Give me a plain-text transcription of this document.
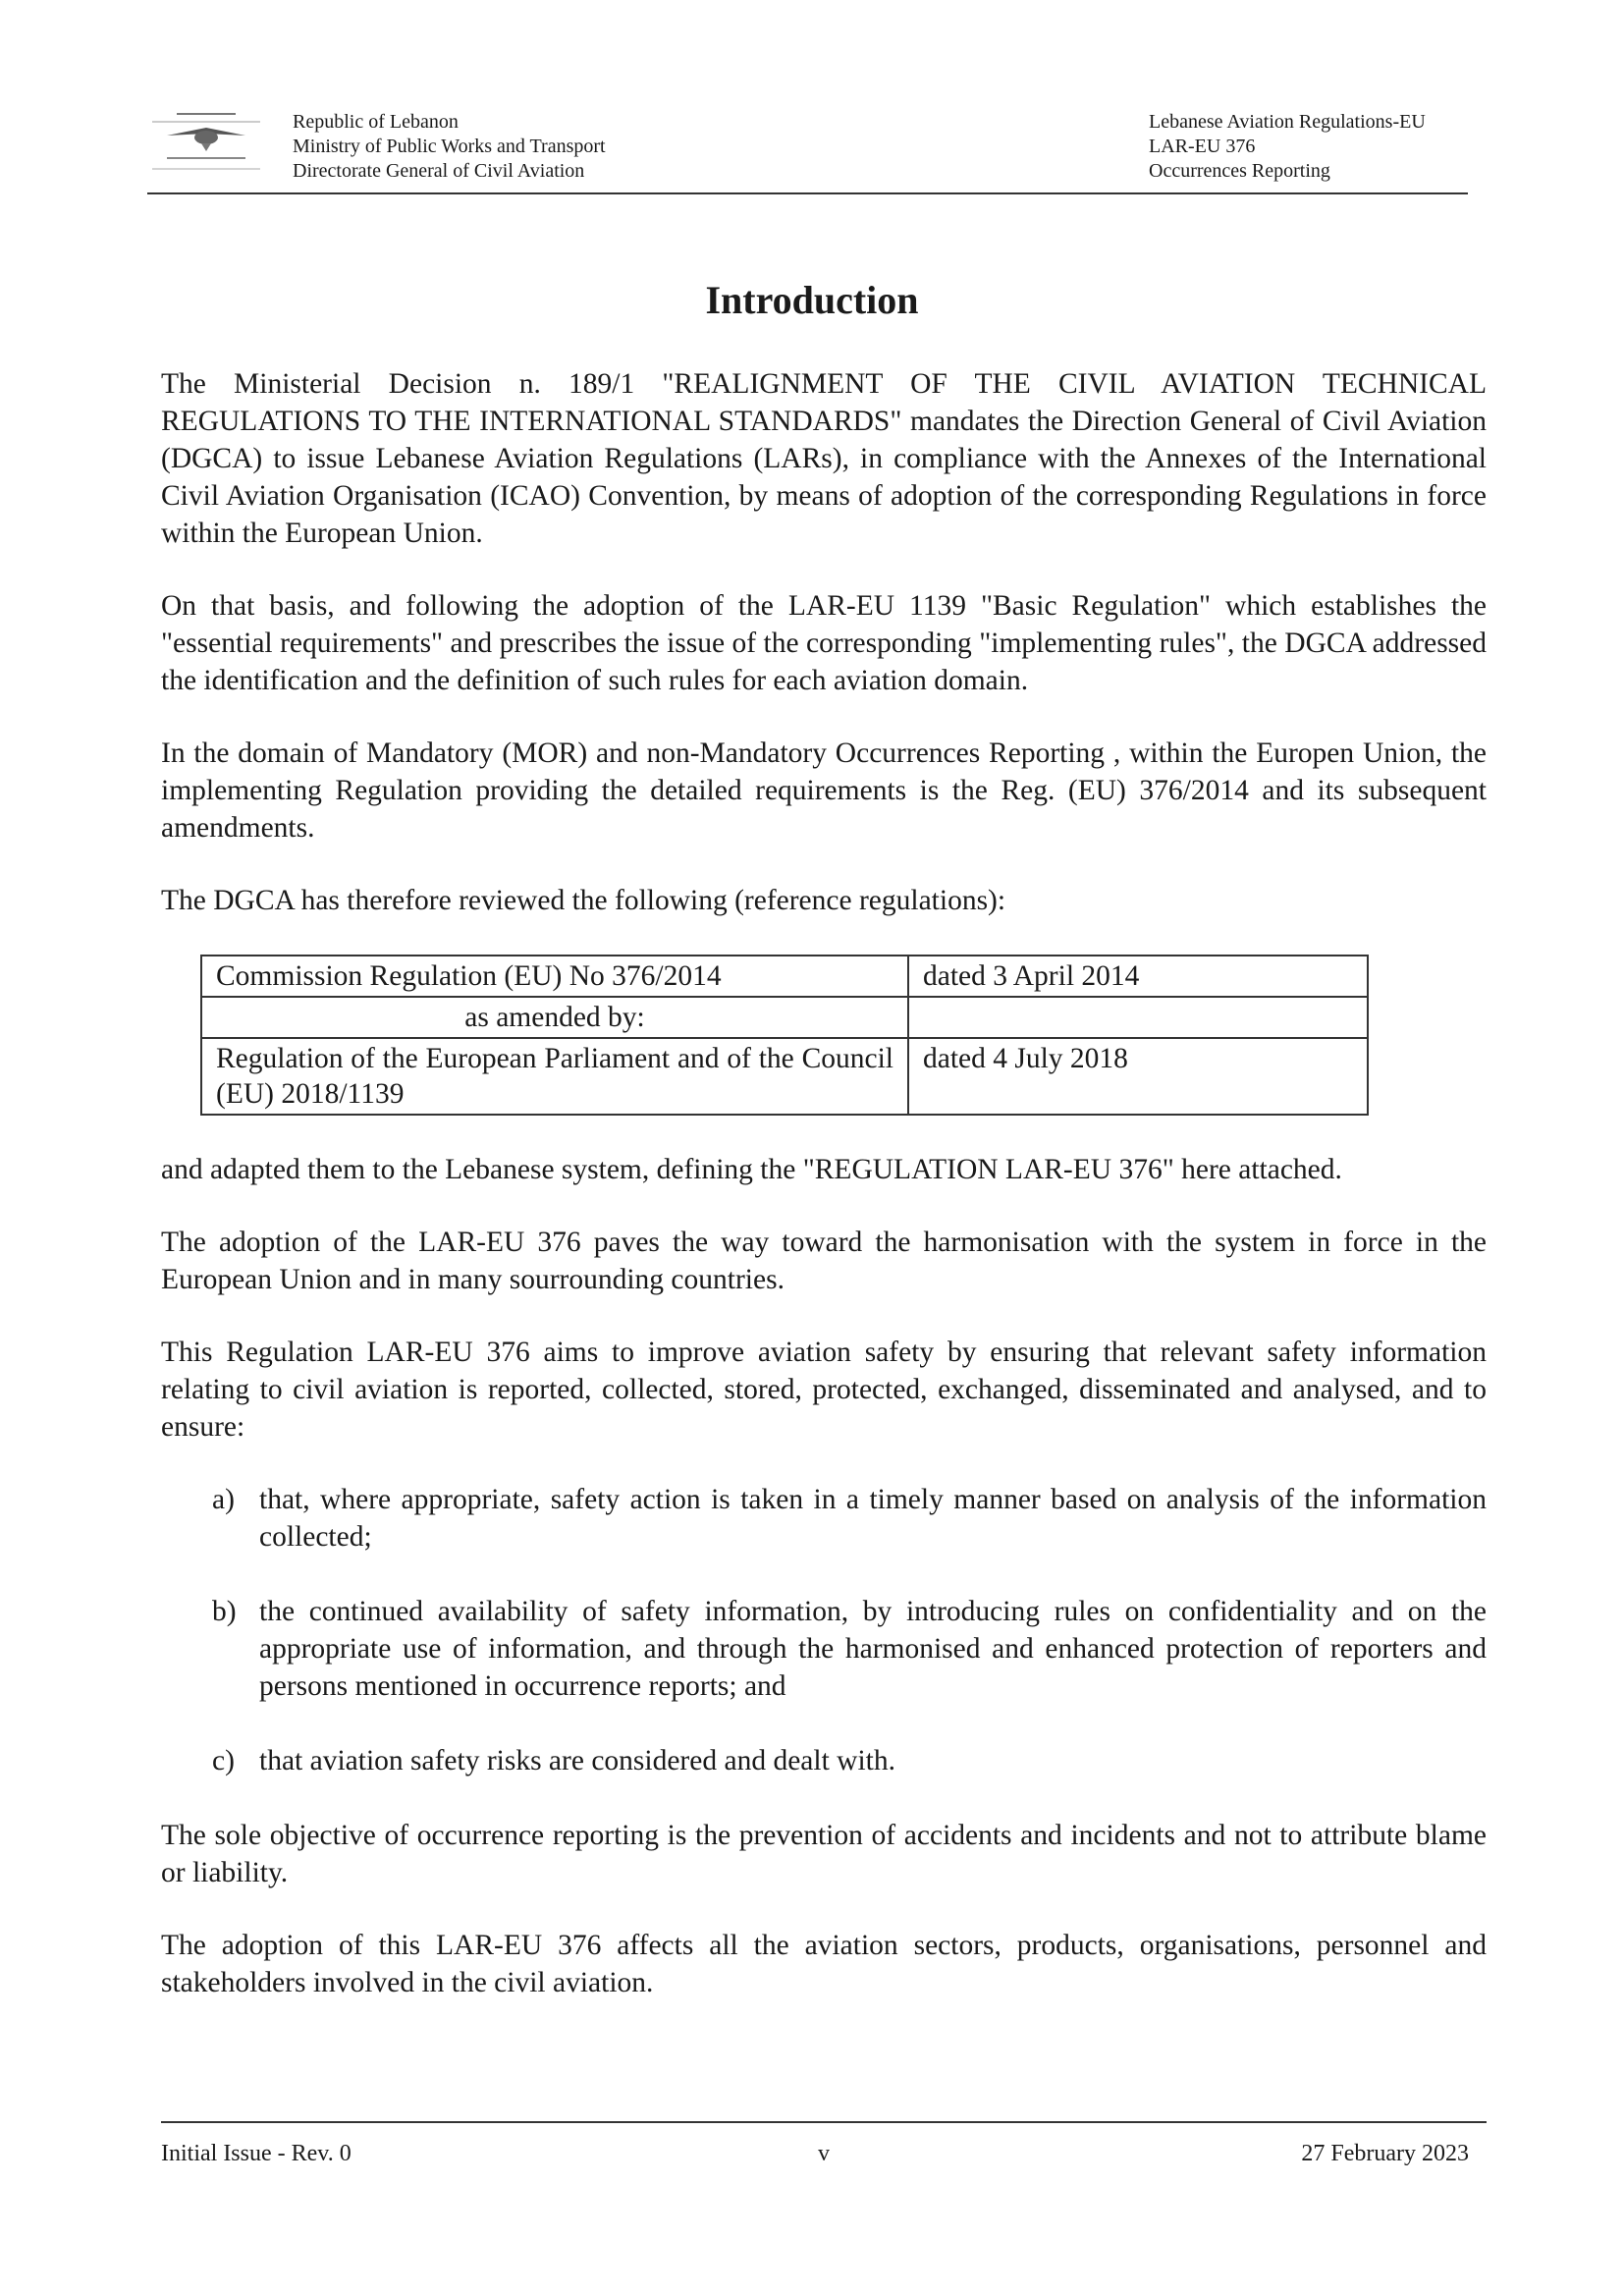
Republic of Lebanon
Ministry of Public Works and Transport
Directorate General of Civil Aviation
Lebanese Aviation Regulations-EU
LAR-EU 376
Occurrences Reporting
Introduction

The Ministerial Decision n. 189/1 "REALIGNMENT OF THE CIVIL AVIATION TECHNICAL REGULATIONS TO THE INTERNATIONAL STANDARDS" mandates the Direction General of Civil Aviation (DGCA) to issue Lebanese Aviation Regulations (LARs), in compliance with the Annexes of the International Civil Aviation Organisation (ICAO) Convention, by means of adoption of the corresponding Regulations in force within the European Union.

On that basis, and following the adoption of the LAR-EU 1139 "Basic Regulation" which establishes the "essential requirements" and prescribes the issue of the corresponding "implementing rules", the DGCA addressed the identification and the definition of such rules for each aviation domain.

In the domain of Mandatory (MOR) and non-Mandatory Occurrences Reporting , within the Europen Union, the implementing Regulation providing the detailed requirements is the Reg. (EU) 376/2014 and its subsequent amendments.

The DGCA has therefore reviewed the following (reference regulations):

Commission Regulation (EU) No 376/2014	dated 3 April 2014
as amended by:	
Regulation of the European Parliament and of the Council (EU) 2018/1139	dated 4 July 2018

and adapted them to the Lebanese system, defining the "REGULATION LAR-EU 376" here attached.

The adoption of the LAR-EU 376 paves the way toward the harmonisation with the system in force in the European Union and in many sourrounding countries.

This Regulation LAR-EU 376 aims to improve aviation safety by ensuring that relevant safety information relating to civil aviation is reported, collected, stored, protected, exchanged, disseminated and analysed, and to ensure:

a) that, where appropriate, safety action is taken in a timely manner based on analysis of the information collected;
b) the continued availability of safety information, by introducing rules on confidentiality and on the appropriate use of information, and through the harmonised and enhanced protection of reporters and persons mentioned in occurrence reports; and
c) that aviation safety risks are considered and dealt with.

The sole objective of occurrence reporting is the prevention of accidents and incidents and not to attribute blame or liability.

The adoption of this LAR-EU 376 affects all the aviation sectors, products, organisations, personnel and stakeholders involved in the civil aviation.

Initial Issue - Rev. 0	v	27 February 2023
